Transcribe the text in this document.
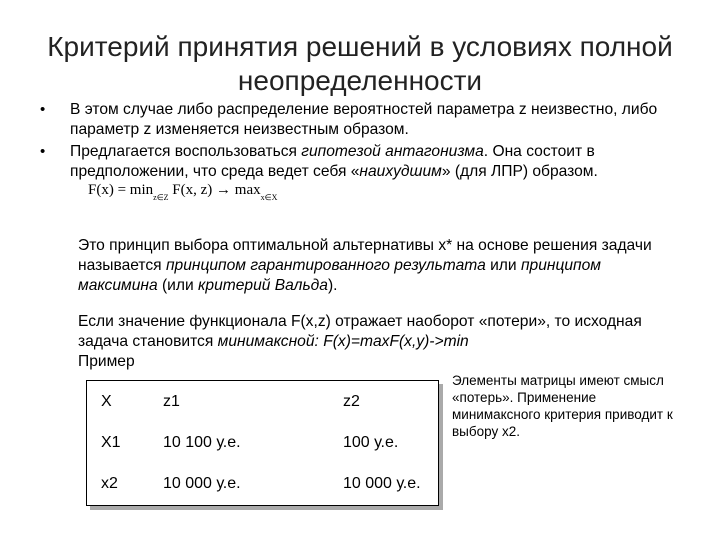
Критерий принятия решений в условиях полной неопределенности
•	В этом случае либо распределение вероятностей параметра z неизвестно, либо параметр z изменяется неизвестным образом.
•	Предлагается воспользоваться гипотезой антагонизма. Она состоит в предположении, что среда ведет себя «наихудшим» (для ЛПР) образом. $F(x) = \min_{z\in Z} F(x$, $z) \to \max_{x\in X}$

Это принцип выбора оптимальной альтернативы x* на основе решения задачи называется принципом гарантированного результата или принципом максимина (или критерий Вальда).

Если значение функционала F(x,z) отражает наоборот «потери», то исходная задача становится минимаксной: F(x)=maxF(x,y)->min
Пример

X	z1	z2
X1	10 100 у.е.	100 у.е.
x2	10 000 у.е.	10 000 у.е.
Элементы матрицы имеют смысл «потерь». Применение минимаксного критерия приводит к выбору x2.
